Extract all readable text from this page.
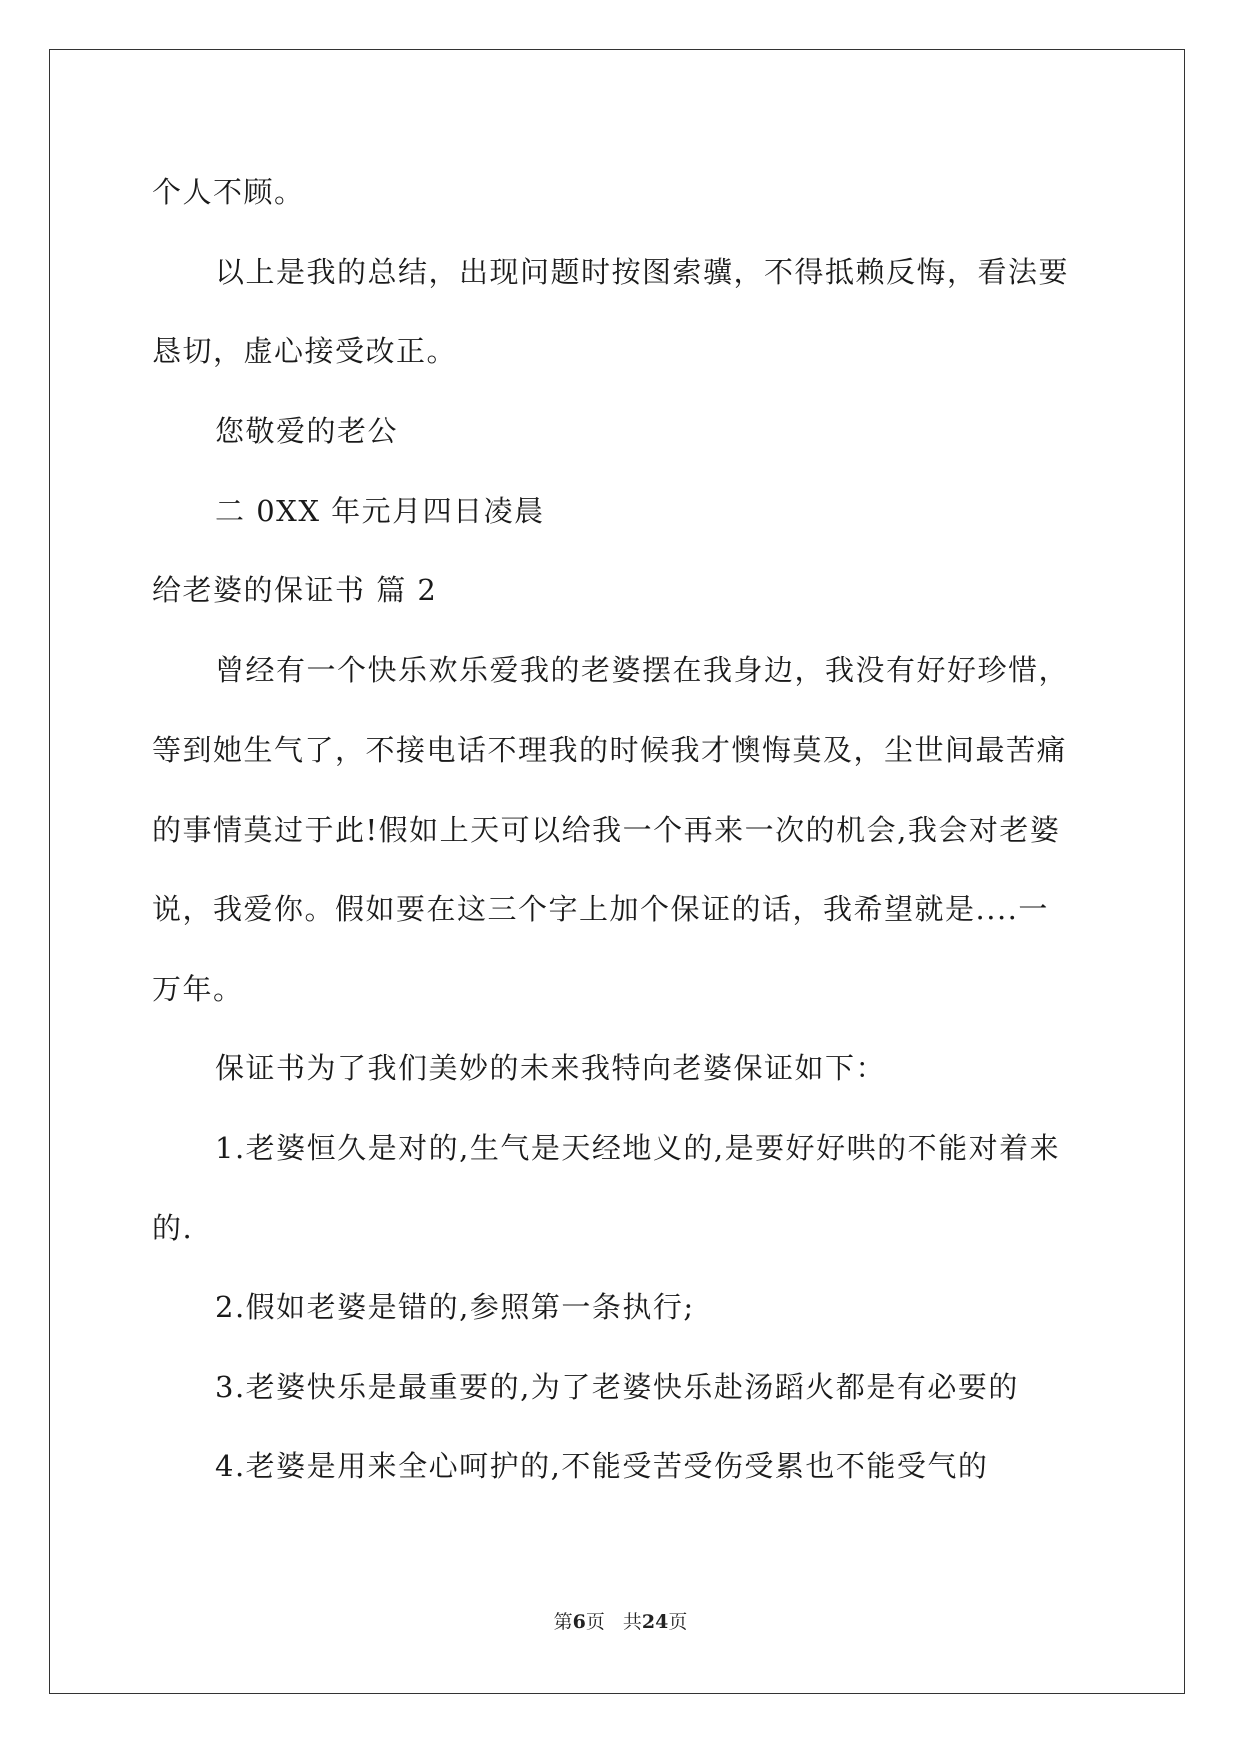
个人不顾。
以上是我的总结，出现问题时按图索骥，不得抵赖反悔，看法要
恳切，虚心接受改正。
您敬爱的老公
二 0XX 年元月四日凌晨
给老婆的保证书 篇 2
曾经有一个快乐欢乐爱我的老婆摆在我身边，我没有好好珍惜，
等到她生气了，不接电话不理我的时候我才懊悔莫及，尘世间最苦痛
的事情莫过于此!假如上天可以给我一个再来一次的机会,我会对老婆
说，我爱你。假如要在这三个字上加个保证的话，我希望就是....一
万年。
保证书为了我们美妙的未来我特向老婆保证如下：
1.老婆恒久是对的,生气是天经地义的,是要好好哄的不能对着来
的.
2.假如老婆是错的,参照第一条执行;
3.老婆快乐是最重要的,为了老婆快乐赴汤蹈火都是有必要的
4.老婆是用来全心呵护的,不能受苦受伤受累也不能受气的
第6页 共24页
